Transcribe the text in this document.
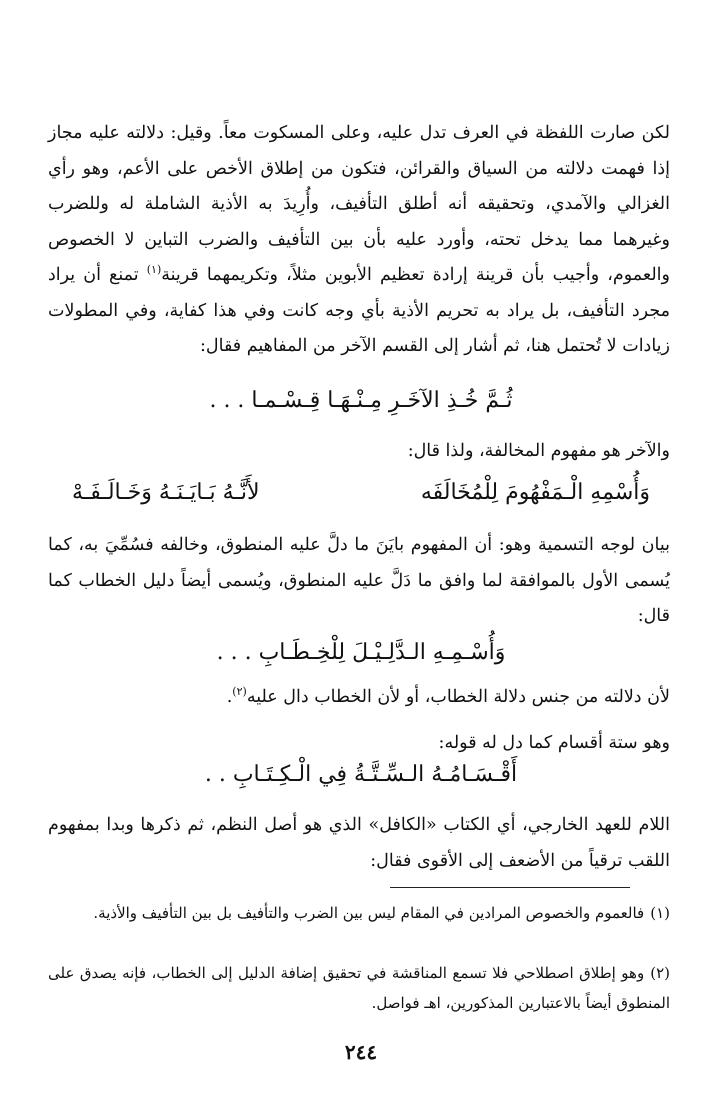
لكن صارت اللفظة في العرف تدل عليه، وعلى المسكوت معاً. وقيل: دلالته عليه مجاز إذا فهمت دلالته من السياق والقرائن، فتكون من إطلاق الأخص على الأعم، وهو رأي الغزالي والآمدي، وتحقيقه أنه أطلق التأفيف، وأُرِيدَ به الأذية الشاملة له وللضرب وغيرهما مما يدخل تحته، وأورد عليه بأن بين التأفيف والضرب التباين لا الخصوص والعموم، وأجيب بأن قرينة إرادة تعظيم الأبوين مثلاً، وتكريمهما قرينة$^{(١)}$ تمنع أن يراد مجرد التأفيف، بل يراد به تحريم الأذية بأي وجه كانت وفي هذا كفاية، وفي المطولات زيادات لا تُحتمل هنا، ثم أشار إلى القسم الآخر من المفاهيم فقال:

ثُـمَّ خُـذِ الآخَـرِ مِـنْـهَـا قِـسْـمـا . . .

والآخر هو مفهوم المخالفة، ولذا قال:

وَأُسْمِهِ الْـمَفْهُومَ لِلْمُخَالَفَه
لأَنَّـهُ بَـايَـنَـهُ وَخَـالَـفَـهْ

بيان لوجه التسمية وهو: أن المفهوم بايَنَ ما دلَّ عليه المنطوق، وخالفه فسُمِّيَ به، كما يُسمى الأول بالموافقة لما وافق ما دَلَّ عليه المنطوق، ويُسمى أيضاً دليل الخطاب كما قال:

وَأُسْـمِـهِ الـدَّلِـيْـلَ لِلْخِـطَـابِ . . .

لأن دلالته من جنس دلالة الخطاب، أو لأن الخطاب دال عليه$^{(٢)}$.

وهو ستة أقسام كما دل له قوله:

أَقْـسَـامُـهُ الـسِّـتَّـةُ فِي الْـكِـتَـابِ . .

اللام للعهد الخارجي، أي الكتاب «الكافل» الذي هو أصل النظم، ثم ذكرها وبدا بمفهوم اللقب ترقياً من الأضعف إلى الأقوى فقال:

(١)فالعموم والخصوص المرادين في المقام ليس بين الضرب والتأفيف بل بين التأفيف والأذية.
(٢)وهو إطلاق اصطلاحي فلا تسمع المناقشة في تحقيق إضافة الدليل إلى الخطاب، فإنه يصدق على المنطوق أيضاً بالاعتبارين المذكورين، اهـ فواصل.
٢٤٤
